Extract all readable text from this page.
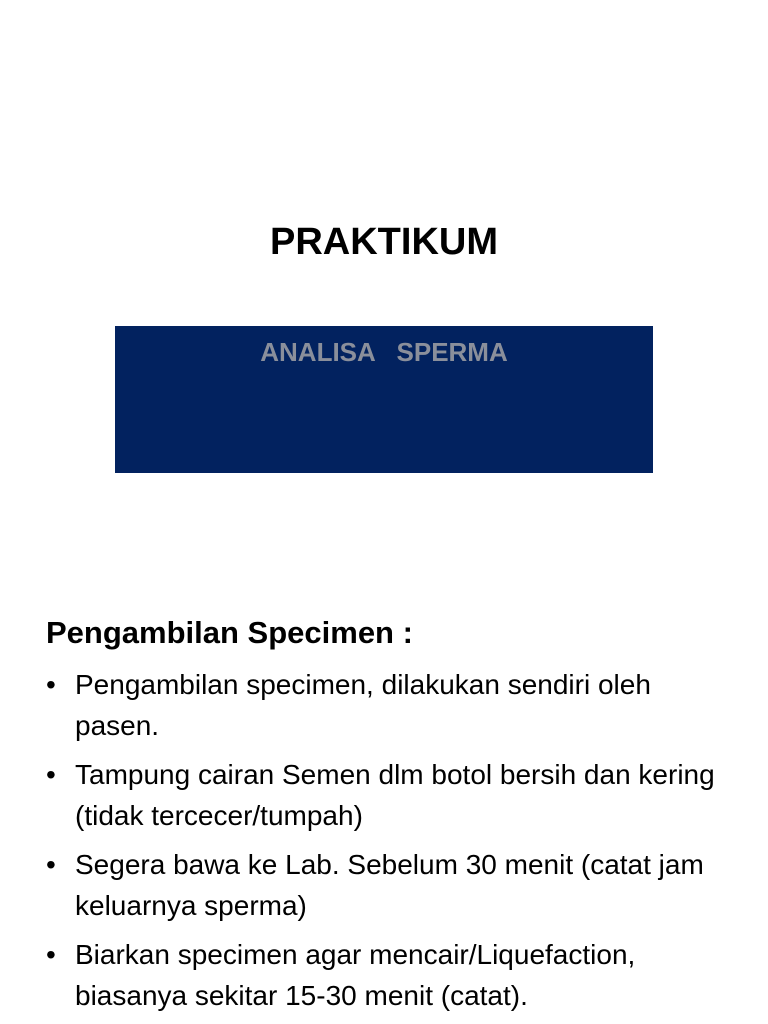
PRAKTIKUM
ANALISA   SPERMA
Pengambilan Specimen :
• Pengambilan specimen, dilakukan sendiri oleh pasen.
• Tampung cairan Semen dlm botol bersih dan kering (tidak tercecer/tumpah)
• Segera bawa ke Lab. Sebelum 30 menit (catat jam keluarnya sperma)
• Biarkan specimen agar mencair/Liquefaction, biasanya sekitar 15-30 menit (catat).
